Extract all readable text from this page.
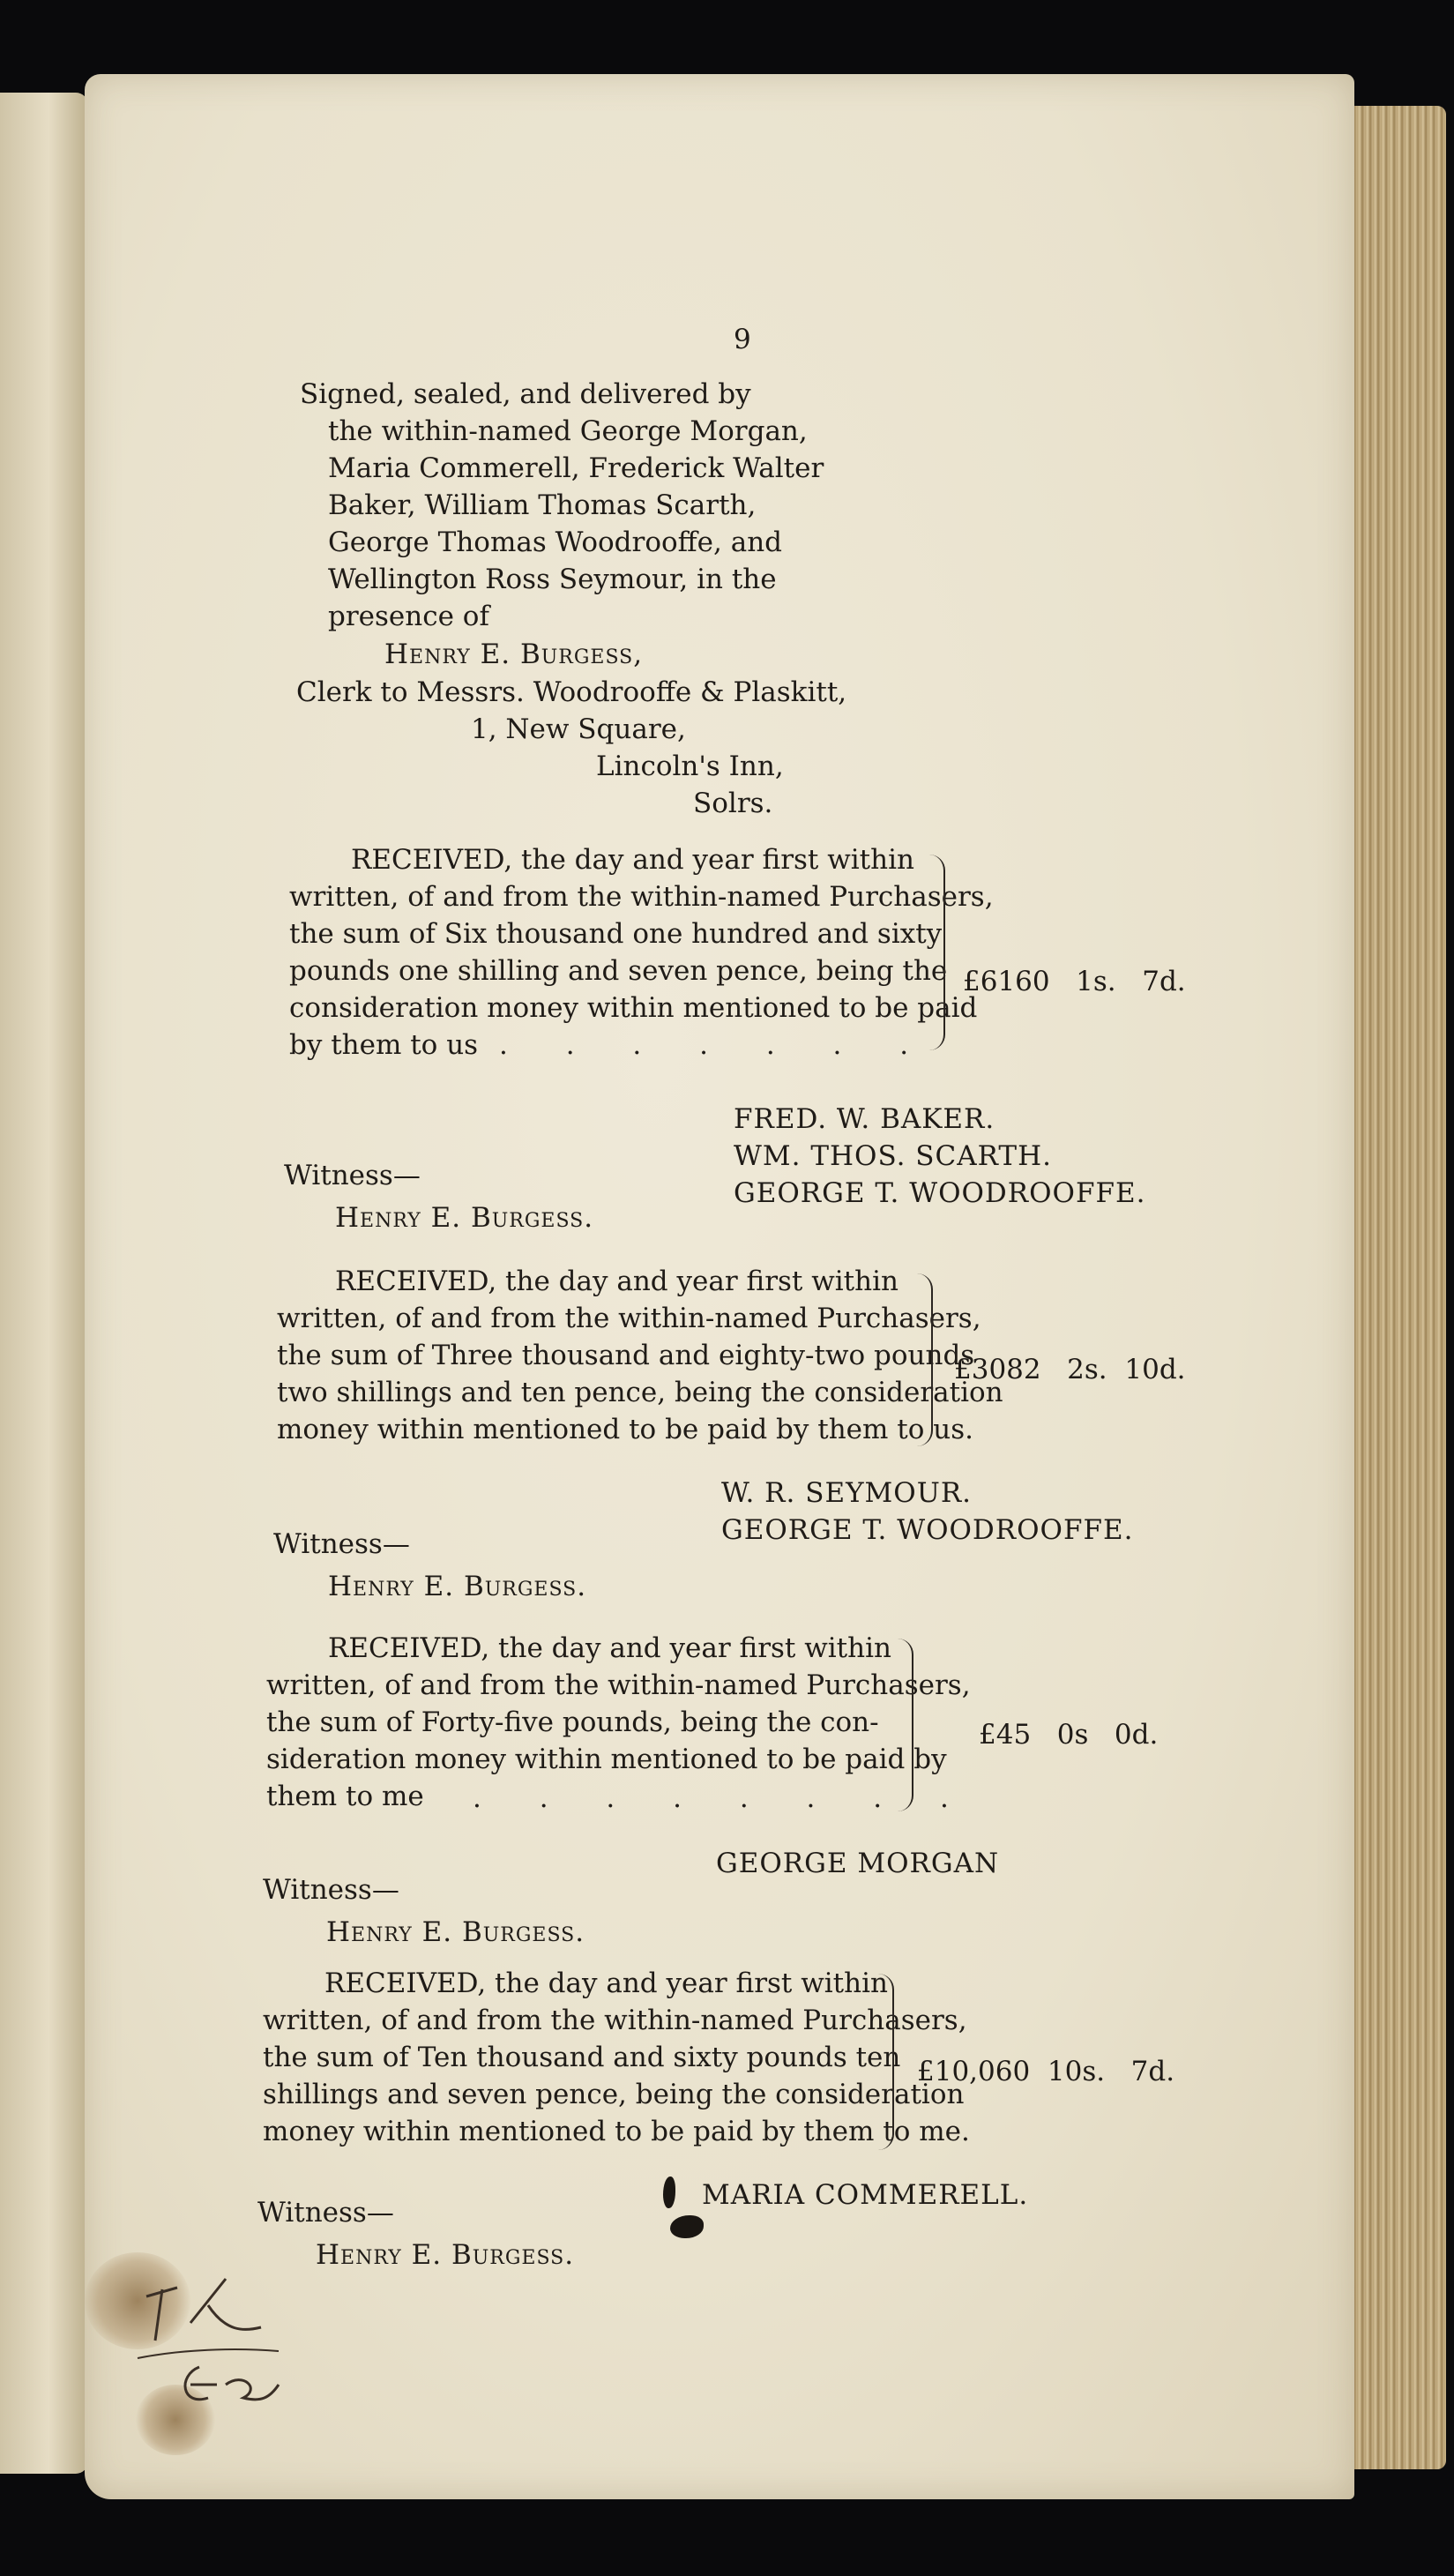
9
Signed, sealed, and delivered by
the within-named George Morgan,
Maria Commerell, Frederick Walter
Baker, William Thomas Scarth,
George Thomas Woodrooffe, and
Wellington Ross Seymour, in the
presence of
Henry E. Burgess,
Clerk to Messrs. Woodrooffe & Plaskitt,
1, New Square,
Lincoln's Inn,
Solrs.
RECEIVED, the day and year first within
written, of and from the within-named Purchasers,
the sum of Six thousand one hundred and sixty
pounds one shilling and seven pence, being the
consideration money within mentioned to be paid
by them to us . . . . . . .
£6160   1s.   7d.
FRED. W. BAKER.
WM. THOS. SCARTH.
GEORGE T. WOODROOFFE.
Witness—
Henry E. Burgess.
RECEIVED, the day and year first within
written, of and from the within-named Purchasers,
the sum of Three thousand and eighty-two pounds
two shillings and ten pence, being the consideration
money within mentioned to be paid by them to us.
£3082   2s.  10d.
W. R. SEYMOUR.
GEORGE T. WOODROOFFE.
Witness—
Henry E. Burgess.
RECEIVED, the day and year first within
written, of and from the within-named Purchasers,
the sum of Forty-five pounds, being the con-
sideration money within mentioned to be paid by
them to me . . . . . . . .
£45   0s   0d.
GEORGE MORGAN
Witness—
Henry E. Burgess.
RECEIVED, the day and year first within
written, of and from the within-named Purchasers,
the sum of Ten thousand and sixty pounds ten
shillings and seven pence, being the consideration
money within mentioned to be paid by them to me.
£10,060  10s.   7d.
MARIA COMMERELL.
Witness—
Henry E. Burgess.
